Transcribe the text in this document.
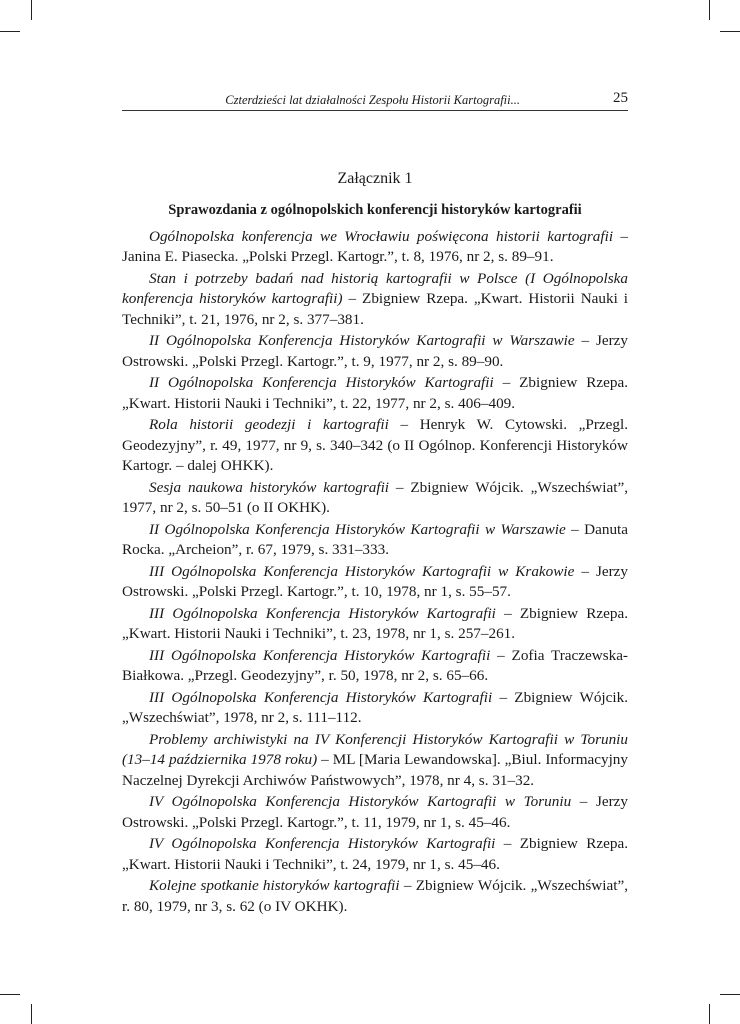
Czterdzieści lat działalności Zespołu Historii Kartografii...	25
Załącznik 1
Sprawozdania z ogólnopolskich konferencji historyków kartografii

Ogólnopolska konferencja we Wrocławiu poświęcona historii kartografii – Janina E. Piasecka. „Polski Przegl. Kartogr.”, t. 8, 1976, nr 2, s. 89–91.

Stan i potrzeby badań nad historią kartografii w Polsce (I Ogólnopolska konferencja historyków kartografii) – Zbigniew Rzepa. „Kwart. Historii Nauki i Techniki”, t. 21, 1976, nr 2, s. 377–381.

II Ogólnopolska Konferencja Historyków Kartografii w Warszawie – Jerzy Ostrowski. „Polski Przegl. Kartogr.”, t. 9, 1977, nr 2, s. 89–90.

II Ogólnopolska Konferencja Historyków Kartografii – Zbigniew Rzepa. „Kwart. Historii Nauki i Techniki”, t. 22, 1977, nr 2, s. 406–409.

Rola historii geodezji i kartografii – Henryk W. Cytowski. „Przegl. Geodezyjny”, r. 49, 1977, nr 9, s. 340–342 (o II Ogólnop. Konferencji Historyków Kartogr. – dalej OHKK).

Sesja naukowa historyków kartografii – Zbigniew Wójcik. „Wszechświat”, 1977, nr 2, s. 50–51 (o II OKHK).

II Ogólnopolska Konferencja Historyków Kartografii w Warszawie – Danuta Rocka. „Archeion”, r. 67, 1979, s. 331–333.

III Ogólnopolska Konferencja Historyków Kartografii w Krakowie – Jerzy Ostrowski. „Polski Przegl. Kartogr.”, t. 10, 1978, nr 1, s. 55–57.

III Ogólnopolska Konferencja Historyków Kartografii – Zbigniew Rzepa. „Kwart. Historii Nauki i Techniki”, t. 23, 1978, nr 1, s. 257–261.

III Ogólnopolska Konferencja Historyków Kartografii – Zofia Traczewska-Białkowa. „Przegl. Geodezyjny”, r. 50, 1978, nr 2, s. 65–66.

III Ogólnopolska Konferencja Historyków Kartografii – Zbigniew Wójcik. „Wszechświat”, 1978, nr 2, s. 111–112.

Problemy archiwistyki na IV Konferencji Historyków Kartografii w Toruniu (13–14 października 1978 roku) – ML [Maria Lewandowska]. „Biul. Informacyjny Naczelnej Dyrekcji Archiwów Państwowych”, 1978, nr 4, s. 31–32.

IV Ogólnopolska Konferencja Historyków Kartografii w Toruniu – Jerzy Ostrowski. „Polski Przegl. Kartogr.”, t. 11, 1979, nr 1, s. 45–46.

IV Ogólnopolska Konferencja Historyków Kartografii – Zbigniew Rzepa. „Kwart. Historii Nauki i Techniki”, t. 24, 1979, nr 1, s. 45–46.

Kolejne spotkanie historyków kartografii – Zbigniew Wójcik. „Wszechświat”, r. 80, 1979, nr 3, s. 62 (o IV OKHK).
